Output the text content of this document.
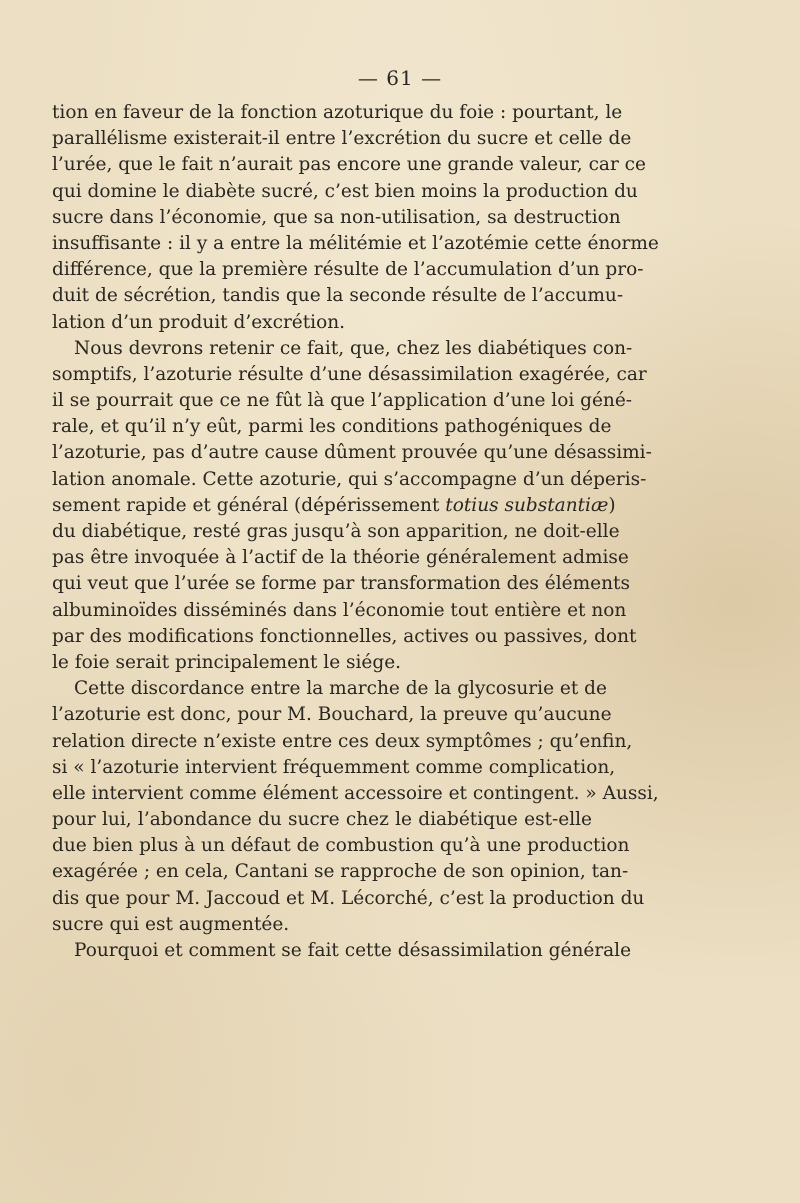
— 61 —
tion en faveur de la fonction azoturique du foie : pourtant, le
parallélisme existerait-il entre l’excrétion du sucre et celle de
l’urée, que le fait n’aurait pas encore une grande valeur, car ce
qui domine le diabète sucré, c’est bien moins la production du
sucre dans l’économie, que sa non-utilisation, sa destruction
insuffisante : il y a entre la mélitémie et l’azotémie cette énorme
différence, que la première résulte de l’accumulation d’un pro-
duit de sécrétion, tandis que la seconde résulte de l’accumu-
lation d’un produit d’excrétion.
Nous devrons retenir ce fait, que, chez les diabétiques con-
somptifs, l’azoturie résulte d’une désassimilation exagérée, car
il se pourrait que ce ne fût là que l’application d’une loi géné-
rale, et qu’il n’y eût, parmi les conditions pathogéniques de
l’azoturie, pas d’autre cause dûment prouvée qu’une désassimi-
lation anomale. Cette azoturie, qui s’accompagne d’un déperis-
sement rapide et général (dépérissement totius substantiæ)
du diabétique, resté gras jusqu’à son apparition, ne doit-elle
pas être invoquée à l’actif de la théorie généralement admise
qui veut que l’urée se forme par transformation des éléments
albuminoïdes disséminés dans l’économie tout entière et non
par des modifications fonctionnelles, actives ou passives, dont
le foie serait principalement le siége.
Cette discordance entre la marche de la glycosurie et de
l’azoturie est donc, pour M. Bouchard, la preuve qu’aucune
relation directe n’existe entre ces deux symptômes ; qu’enfin,
si « l’azoturie intervient fréquemment comme complication,
elle intervient comme élément accessoire et contingent. » Aussi,
pour lui, l’abondance du sucre chez le diabétique est-elle
due bien plus à un défaut de combustion qu’à une production
exagérée ; en cela, Cantani se rapproche de son opinion, tan-
dis que pour M. Jaccoud et M. Lécorché, c’est la production du
sucre qui est augmentée.
Pourquoi et comment se fait cette désassimilation générale
